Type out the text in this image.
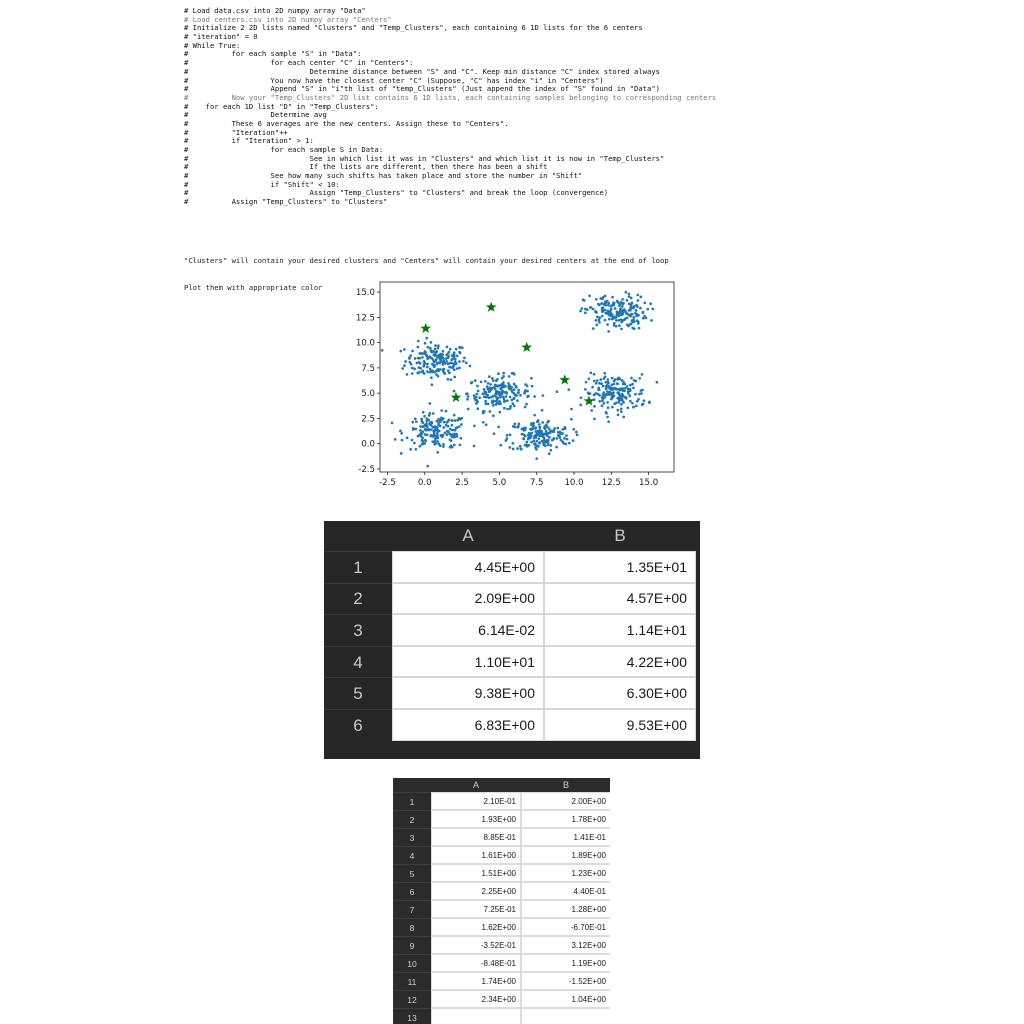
# Load data.csv into 2D numpy array "Data"
# Load centers.csv into 2D numpy array "Centers"
# Initialize 2 2D lists named "Clusters" and "Temp_Clusters", each containing 6 1D lists for the 6 centers
# "iteration" = 0
# While True:
#          for each sample "S" in "Data":
#                   for each center "C" in "Centers":
#                            Determine distance between "S" and "C". Keep min distance "C" index stored always
#                   You now have the closest center "C" (Suppose, "C" has index "i" in "Centers")
#                   Append "S" in "i"th list of "temp_Clusters" (Just append the index of "S" found in "Data")
#          Now your "Temp_Clusters" 2D list contains 6 1D lists, each containing samples belonging to corresponding centers
#    for each 1D list "D" in "Temp_Clusters":
#                   Determine avg
#          These 6 averages are the new centers. Assign these to "Centers".
#          "Iteration"++
#          if "Iteration" > 1:
#                   for each sample S in Data:
#                            See in which list it was in "Clusters" and which list it is now in "Temp_Clusters"
#                            If the lists are different, then there has been a shift
#                   See how many such shifts has taken place and store the number in "Shift"
#                   if "Shift" < 10:
#                            Assign "Temp_Clusters" to "Clusters" and break the loop (convergence)
#          Assign "Temp_Clusters" to "Clusters"

"Clusters" will contain your desired clusters and "Centers" will contain your desired centers at the end of loop

Plot them with appropriate color

-2.5	0.0	2.5	5.0	7.5 10.0 12.5 15.0
-2.5
0.0
2.5
5.0
7.5
10.0
12.5
15.0
A	B
1	4.45E+00	1.35E+01
2	2.09E+00	4.57E+00
3	6.14E-02	1.14E+01
4	1.10E+01	4.22E+00
5	9.38E+00	6.30E+00
6	6.83E+00	9.53E+00
A	B
1	2.10E-01	2.00E+00
2	1.93E+00	1.78E+00
3	8.85E-01	1.41E-01
4	1.61E+00	1.89E+00
5	1.51E+00	1.23E+00
6	2.25E+00	4.40E-01
7	7.25E-01	1.28E+00
8	1.62E+00	-6.70E-01
9	-3.52E-01	3.12E+00
10	-8.48E-01	1.19E+00
11	1.74E+00	-1.52E+00
12	2.34E+00	1.04E+00
13
